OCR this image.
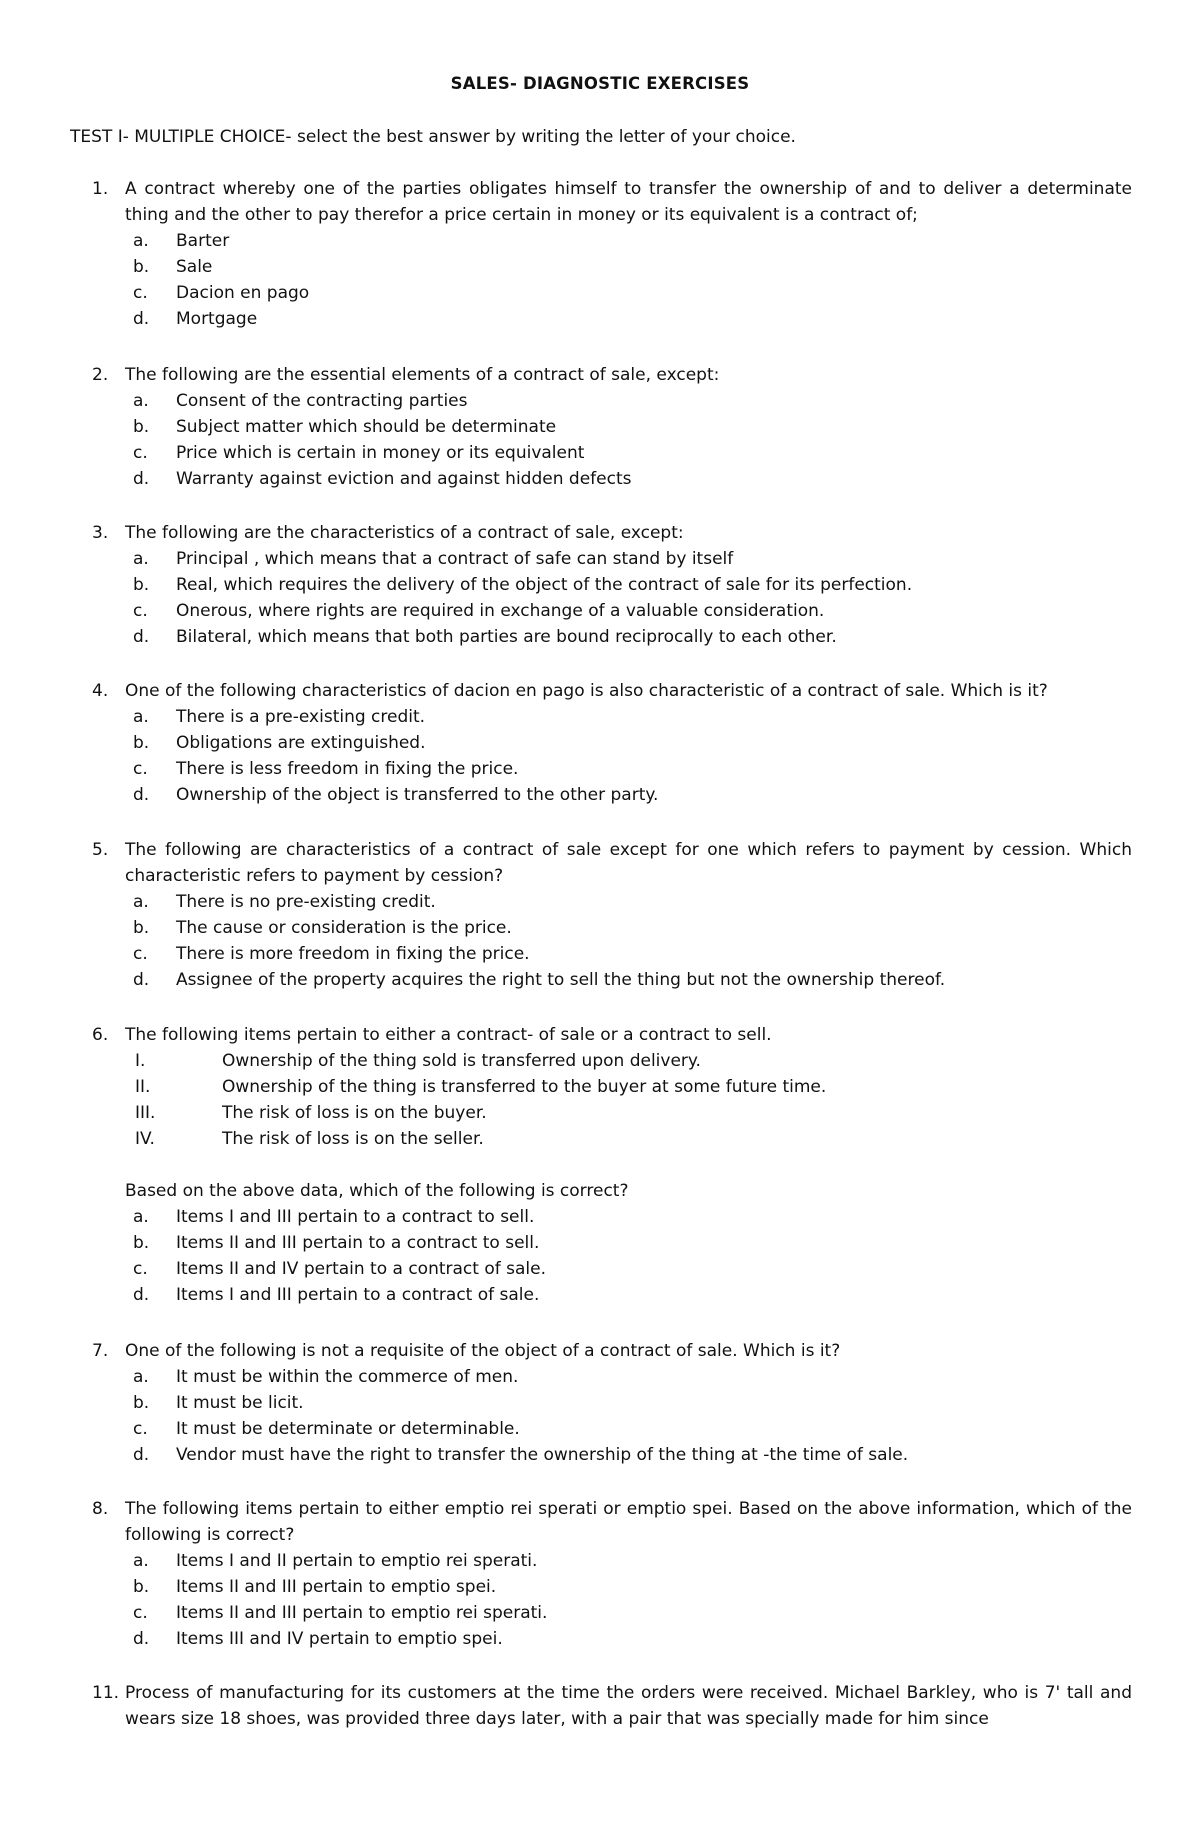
SALES- DIAGNOSTIC EXERCISES
TEST I- MULTIPLE CHOICE- select the best answer by writing the letter of your choice.
1. A contract whereby one of the parties obligates himself to transfer the ownership of and to deliver a determinate thing and the other to pay therefor a price certain in money or its equivalent is a contract of;
a.	Barter
b.	Sale
c.	Dacion en pago
d.	Mortgage
2. The following are the essential elements of a contract of sale, except:
a.	Consent of the contracting parties
b.	Subject matter which should be determinate
c.	Price which is certain in money or its equivalent
d.	Warranty against eviction and against hidden defects
3. The following are the characteristics of a contract of sale, except:
a.	Principal , which means that a contract of safe can stand by itself
b.	Real, which requires the delivery of the object of the contract of sale for its perfection.
c.	Onerous, where rights are required in exchange of a valuable consideration.
d.	Bilateral, which means that both parties are bound reciprocally to each other.
4. One of the following characteristics of dacion en pago is also characteristic of a contract of sale. Which is it?
a.	There is a pre-existing credit.
b.	Obligations are extinguished.
c.	There is less freedom in fixing the price.
d.	Ownership of the object is transferred to the other party.
5. The following are characteristics of a contract of sale except for one which refers to payment by cession. Which characteristic refers to payment by cession?
a.	There is no pre-existing credit.
b.	The cause or consideration is the price.
c.	There is more freedom in fixing the price.
d.	Assignee of the property acquires the right to sell the thing but not the ownership thereof.
6. The following items pertain to either a contract- of sale or a contract to sell.
I.	Ownership of the thing sold is transferred upon delivery.
II.	Ownership of the thing is transferred to the buyer at some future time.
III.	The risk of loss is on the buyer.
IV.	The risk of loss is on the seller.
Based on the above data, which of the following is correct?
a.	Items I and III pertain to a contract to sell.
b.	Items II and III pertain to a contract to sell.
c.	Items II and IV pertain to a contract of sale.
d.	Items I and III pertain to a contract of sale.
7. One of the following is not a requisite of the object of a contract of sale. Which is it?
a.	It must be within the commerce of men.
b.	It must be licit.
c.	It must be determinate or determinable.
d.	Vendor must have the right to transfer the ownership of the thing at -the time of sale.
8. The following items pertain to either emptio rei sperati or emptio spei. Based on the above information, which of the following is correct?
a.	Items I and II pertain to emptio rei sperati.
b.	Items II and III pertain to emptio spei.
c.	Items II and III pertain to emptio rei sperati.
d.	Items III and IV pertain to emptio spei.
11. Process of manufacturing for its customers at the time the orders were received. Michael Barkley, who is 7' tall and wears size 18 shoes, was provided three days later, with a pair that was specially made for him since
